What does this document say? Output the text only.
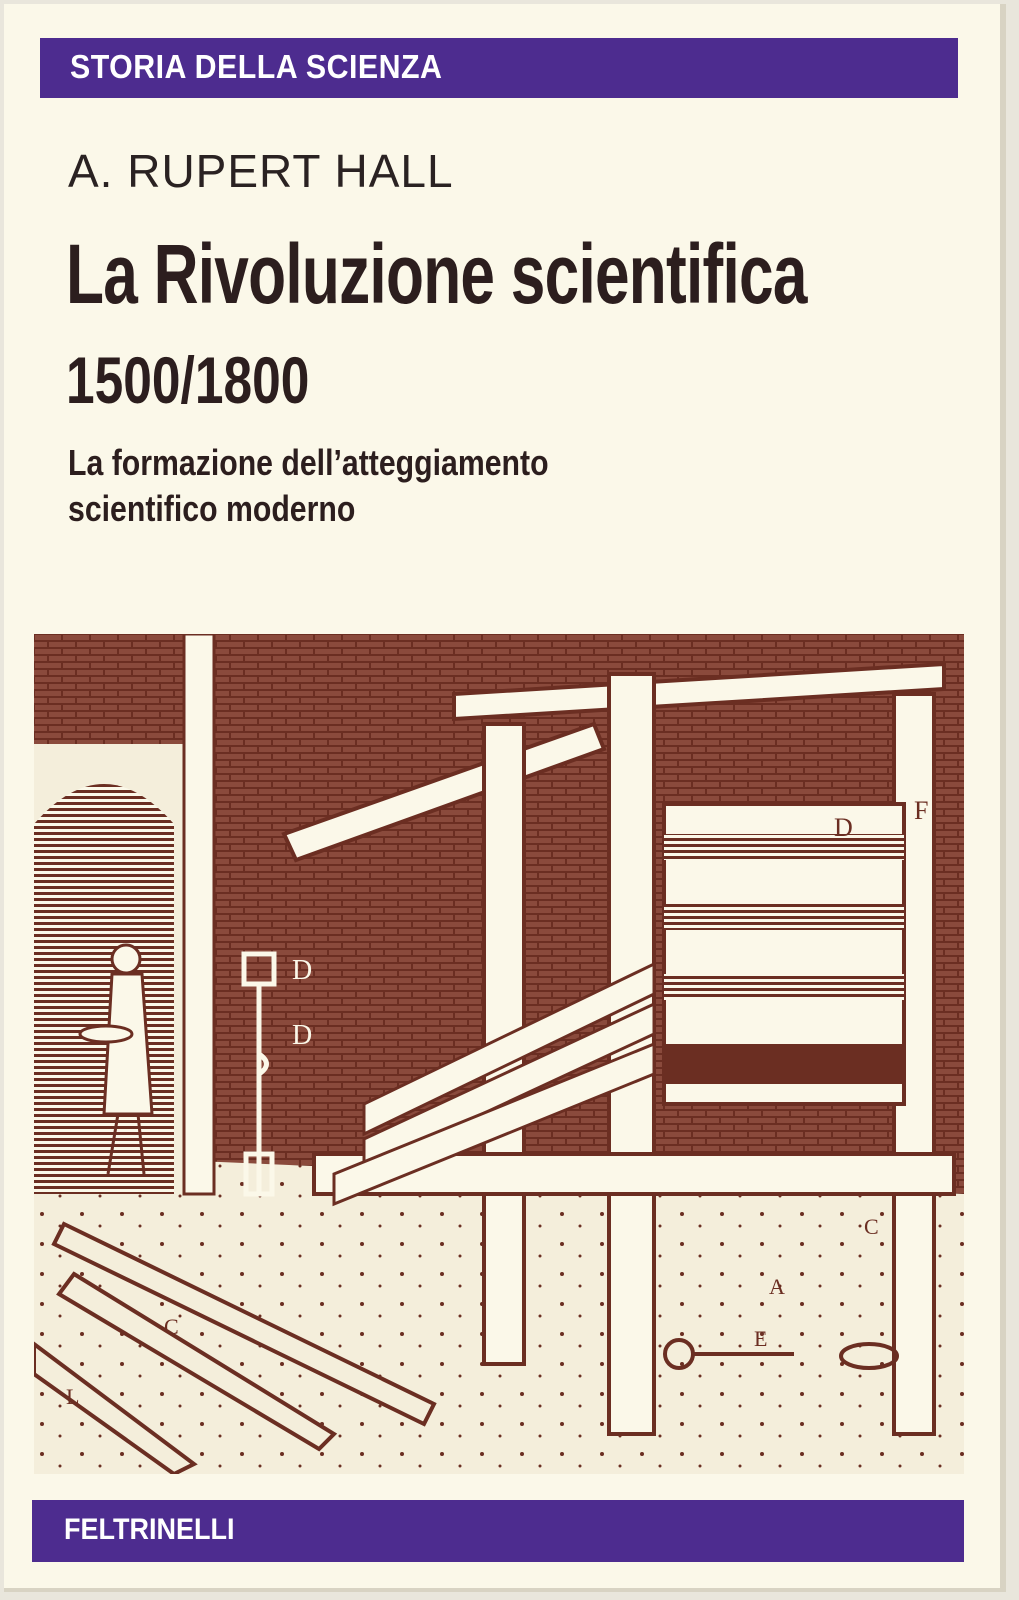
STORIA DELLA SCIENZA
A. RUPERT HALL
La Rivoluzione scientifica
1500/1800
La formazione dell’atteggiamento
scientifico moderno
D
D
D
F
E
A
C
C
L
FELTRINELLI
